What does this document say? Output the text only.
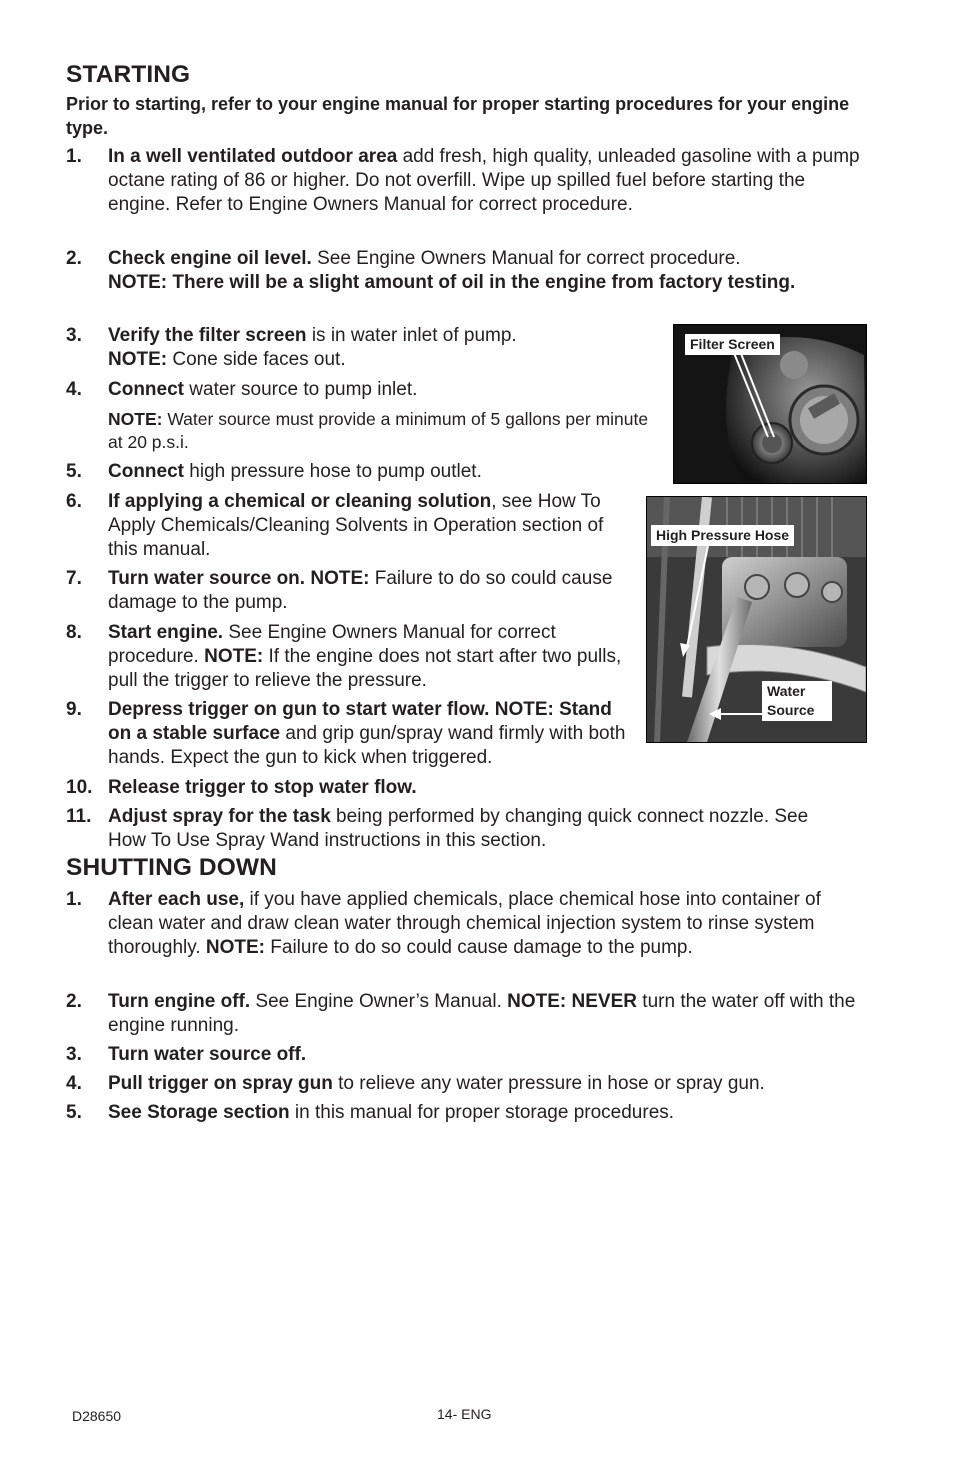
STARTING
Prior to starting, refer to your engine manual for proper starting procedures for your engine type.
1. In a well ventilated outdoor area add fresh, high quality, unleaded gasoline with a pump octane rating of 86 or higher. Do not overfill. Wipe up spilled fuel before starting the engine. Refer to Engine Owners Manual for correct procedure.
2. Check engine oil level. See Engine Owners Manual for correct procedure.
NOTE: There will be a slight amount of oil in the engine from factory testing.
3. Verify the filter screen is in water inlet of pump.
NOTE: Cone side faces out.
4. Connect water source to pump inlet.
NOTE: Water source must provide a minimum of 5 gallons per minute at 20 p.s.i.
5. Connect high pressure hose to pump outlet.
6. If applying a chemical or cleaning solution, see How To Apply Chemicals/Cleaning Solvents in Operation section of this manual.
7. Turn water source on. NOTE: Failure to do so could cause damage to the pump.
8. Start engine. See Engine Owners Manual for correct procedure. NOTE: If the engine does not start after two pulls, pull the trigger to relieve the pressure.
9. Depress trigger on gun to start water flow. NOTE: Stand on a stable surface and grip gun/spray wand firmly with both hands. Expect the gun to kick when triggered.
10. Release trigger to stop water flow.
11. Adjust spray for the task being performed by changing quick connect nozzle. See How To Use Spray Wand instructions in this section.
SHUTTING DOWN
1. After each use, if you have applied chemicals, place chemical hose into container of clean water and draw clean water through chemical injection system to rinse system thoroughly. NOTE: Failure to do so could cause damage to the pump.
2. Turn engine off. See Engine Owner’s Manual. NOTE: NEVER turn the water off with the engine running.
3. Turn water source off.
4. Pull trigger on spray gun to relieve any water pressure in hose or spray gun.
5. See Storage section in this manual for proper storage procedures.
Filter Screen
High Pressure Hose
Water Source
D28650	14- ENG
